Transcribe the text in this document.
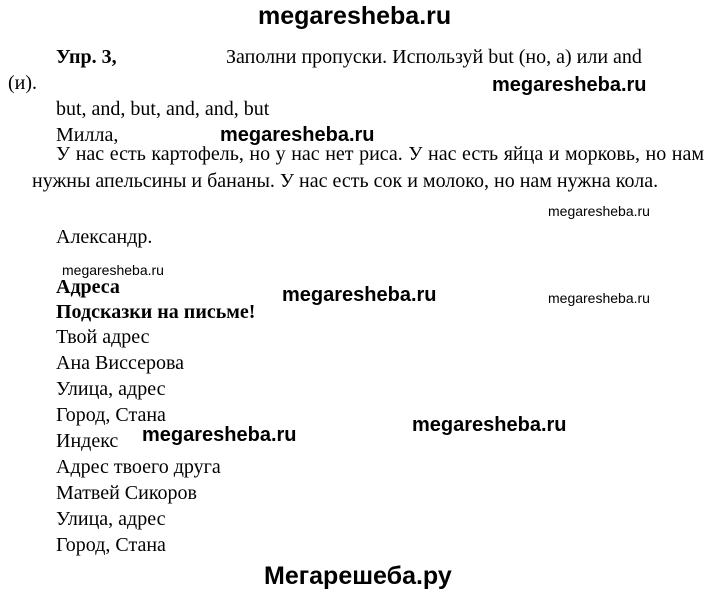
megaresheba.ru
Упр. 3,	Заполни пропуски. Используй but (но, а) или and
(и).	megaresheba.ru
but, and, but, and, and, but
Милла,	megaresheba.ru
У нас есть картофель, но у нас нет риса. У нас есть яйца и морковь, но нам нужны апельсины и бананы. У нас есть сок и молоко, но нам нужна кола.
megaresheba.ru
Александр.
megaresheba.ru
Адреса	megaresheba.ru	megaresheba.ru
Подсказки на письме!
Твой адрес
Ана Виссерова
Улица, адрес
Город, Стана
Индекс megaresheba.ru	megaresheba.ru
Адрес твоего друга
Матвей Сикоров
Улица, адрес
Город, Стана
Мегарешеба.ру
